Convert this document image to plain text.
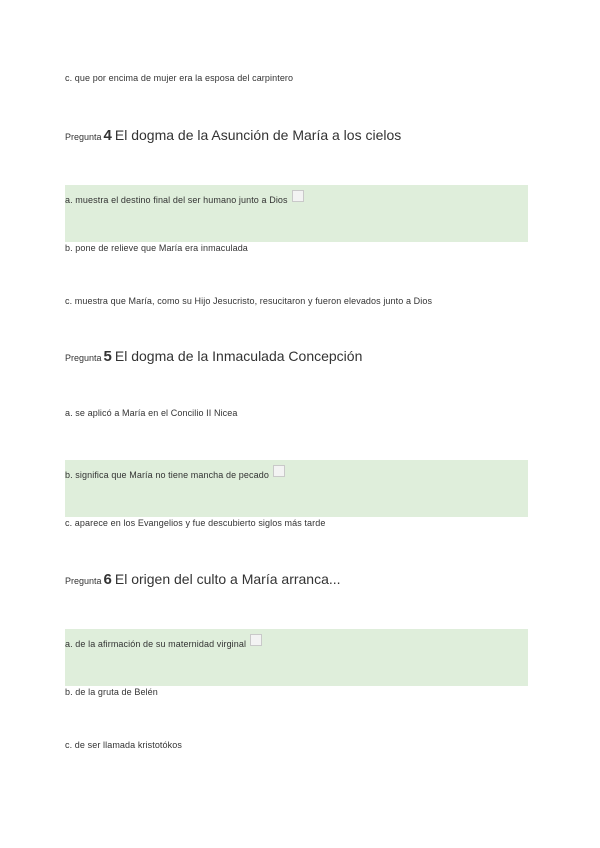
c. que por encima de mujer era la esposa del carpintero
Pregunta 4 El dogma de la Asunción de María a los cielos
a. muestra el destino final del ser humano junto a Dios
b. pone de relieve que María era inmaculada
c. muestra que María, como su Hijo Jesucristo, resucitaron y fueron elevados junto a Dios
Pregunta 5 El dogma de la Inmaculada Concepción
a. se aplicó a María en el Concilio II Nicea
b. significa que María no tiene mancha de pecado
c. aparece en los Evangelios y fue descubierto siglos más tarde
Pregunta 6 El origen del culto a María arranca...
a. de la afirmación de su maternidad virginal
b. de la gruta de Belén
c. de ser llamada kristotókos
